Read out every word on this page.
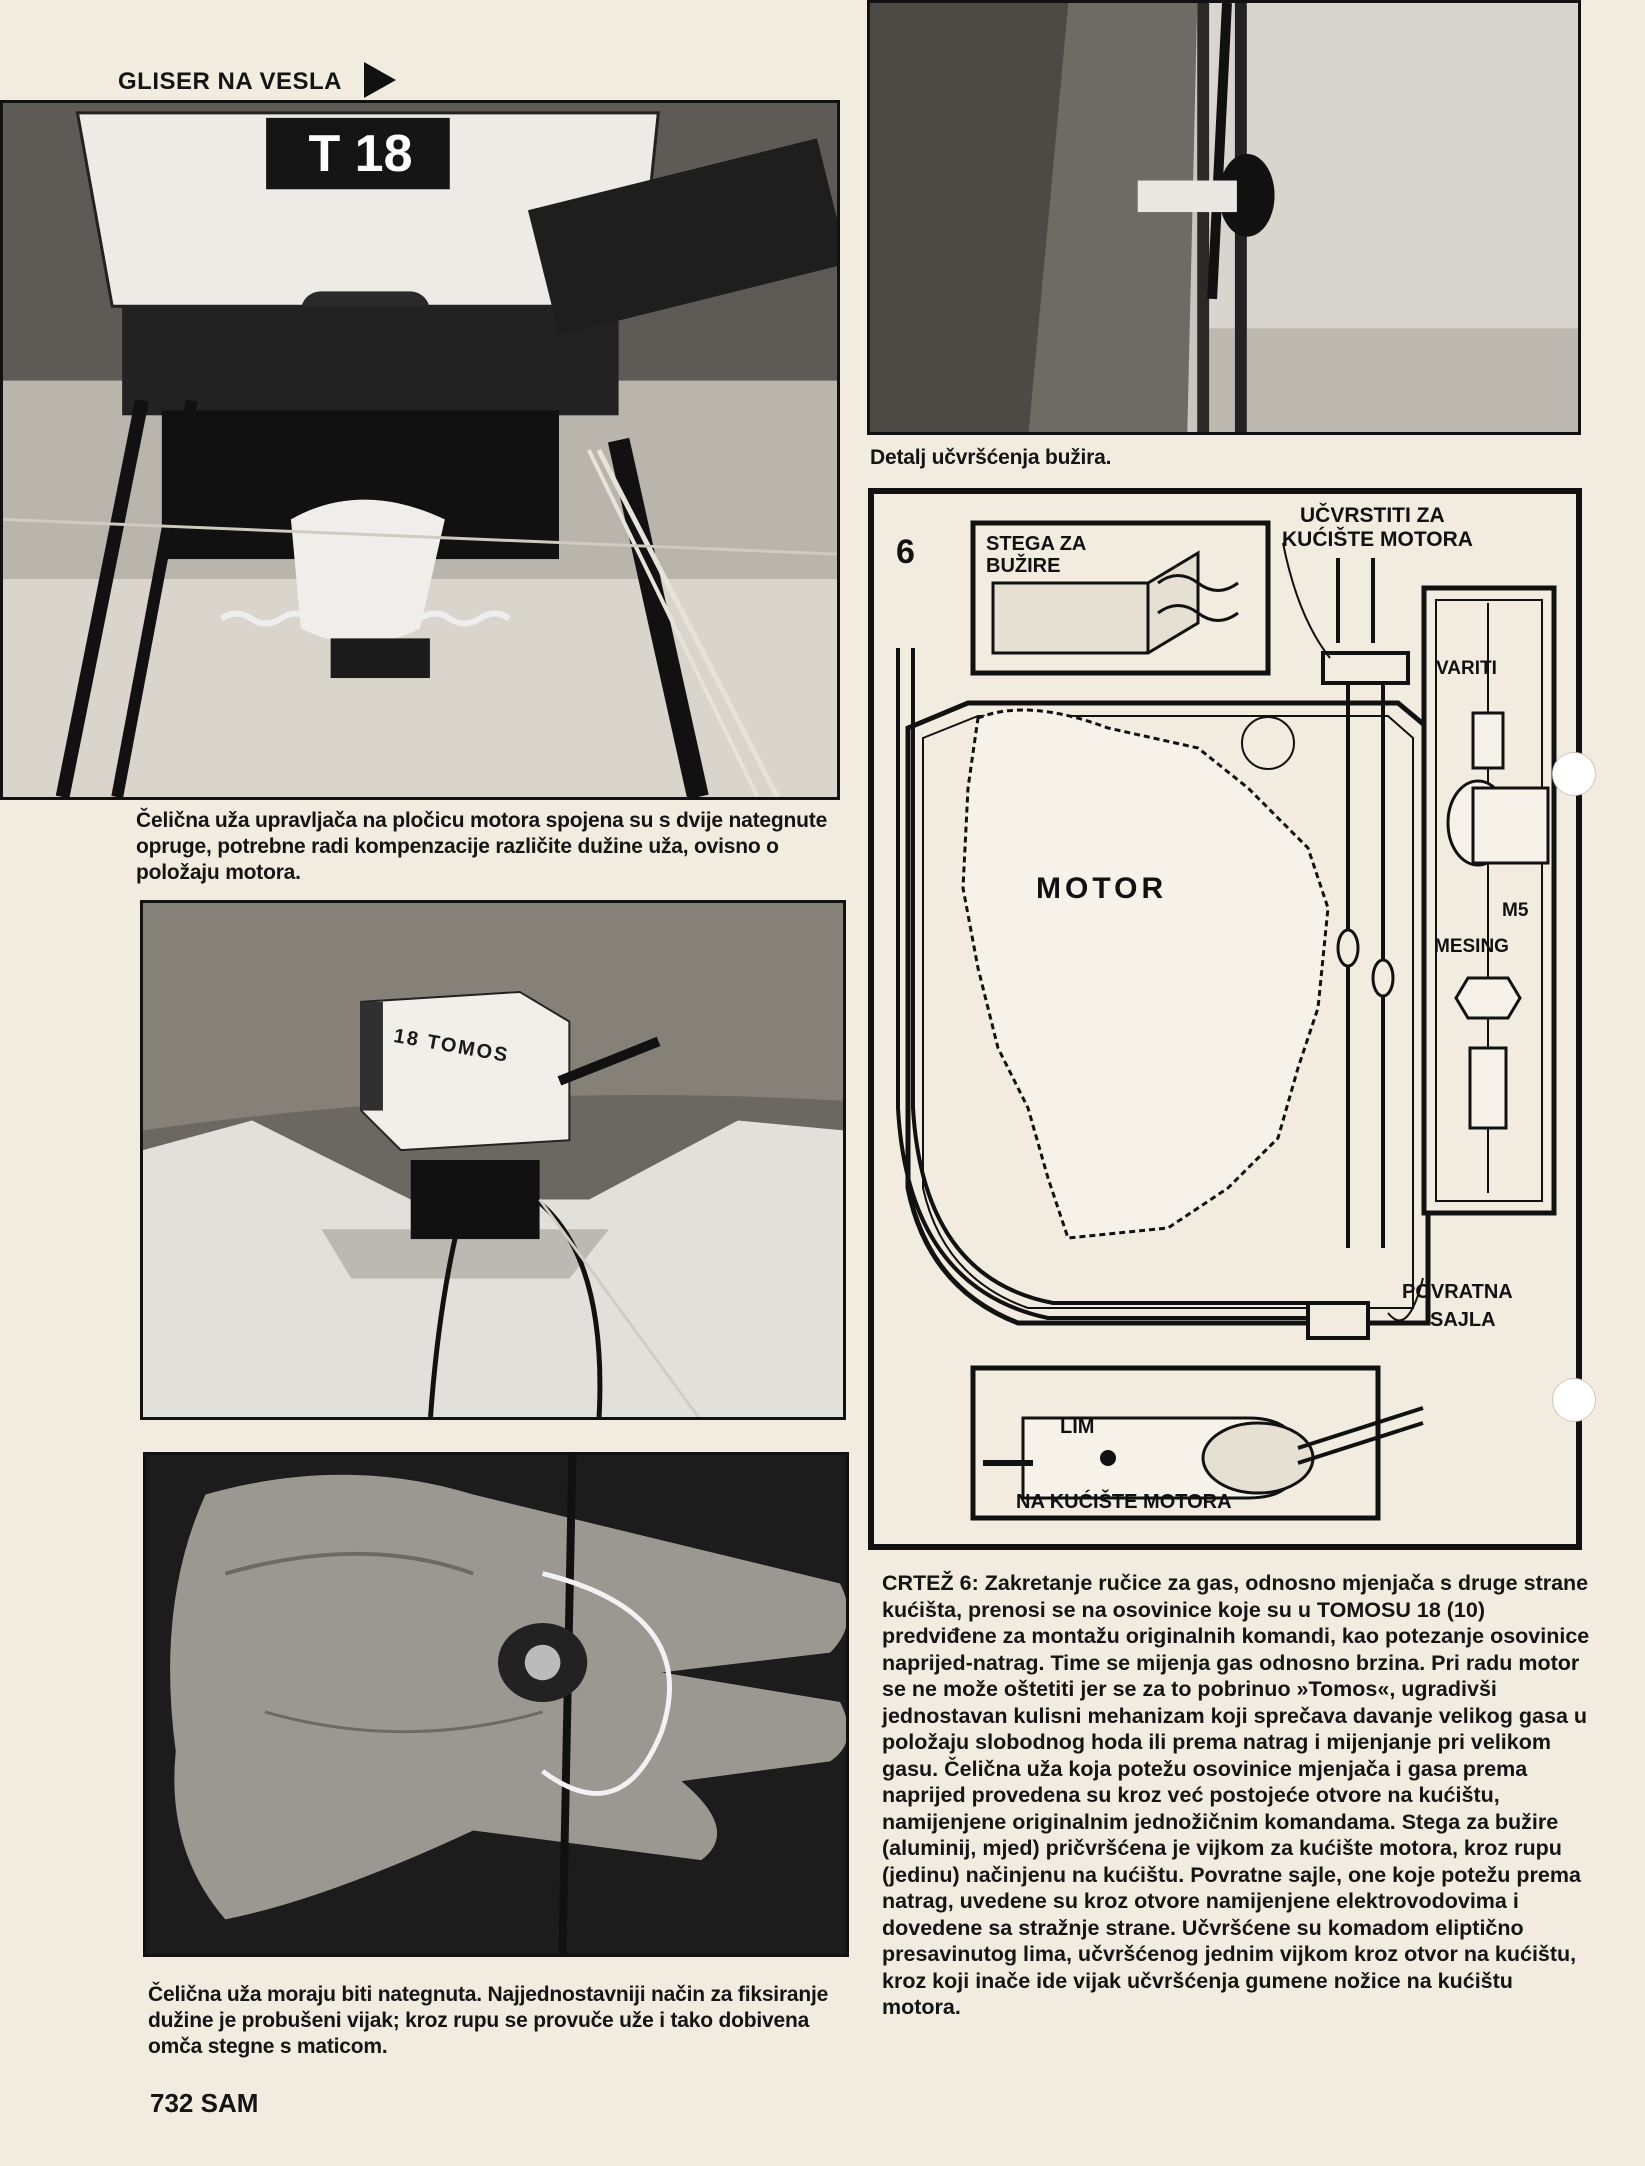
GLISER NA VESLA
T 18
Detalj učvršćenja bužira.
Čelična uža upravljača na pločicu motora spojena su s dvije nategnute opruge, potrebne radi kompenzacije različite dužine uža, ovisno o položaju motora.
18 TOMOS
Čelična uža moraju biti nategnuta. Najjednostavniji način za fiksiranje dužine je probušeni vijak; kroz rupu se provuče uže i tako dobivena omča stegne s maticom.
6	STEGA ZA
BUŽIRE
UČVRSTITI ZA
KUĆIŠTE MOTORA
MOTOR
VARITI
M5
MESING
POVRATNA
SAJLA
LIM
NA KUĆIŠTE MOTORA
CRTEŽ 6: Zakretanje ručice za gas, odnosno mjenjača s druge strane kućišta, prenosi se na osovinice koje su u TOMOSU 18 (10) predviđene za montažu originalnih komandi, kao potezanje osovinice naprijed-natrag. Time se mijenja gas odnosno brzina. Pri radu motor se ne može oštetiti jer se za to pobrinuo »Tomos«, ugradivši jednostavan kulisni mehanizam koji sprečava davanje velikog gasa u položaju slobodnog hoda ili prema natrag i mijenjanje pri velikom gasu. Čelična uža koja potežu osovinice mjenjača i gasa prema naprijed provedena su kroz već postojeće otvore na kućištu, namijenjene originalnim jednožičnim komandama. Stega za bužire (aluminij, mjed) pričvršćena je vijkom za kućište motora, kroz rupu (jedinu) načinjenu na kućištu. Povratne sajle, one koje potežu prema natrag, uvedene su kroz otvore namijenjene elektrovodovima i dovedene sa stražnje strane. Učvršćene su komadom eliptično presavinutog lima, učvršćenog jednim vijkom kroz otvor na kućištu, kroz koji inače ide vijak učvršćenja gumene nožice na kućištu motora.
732 SAM
